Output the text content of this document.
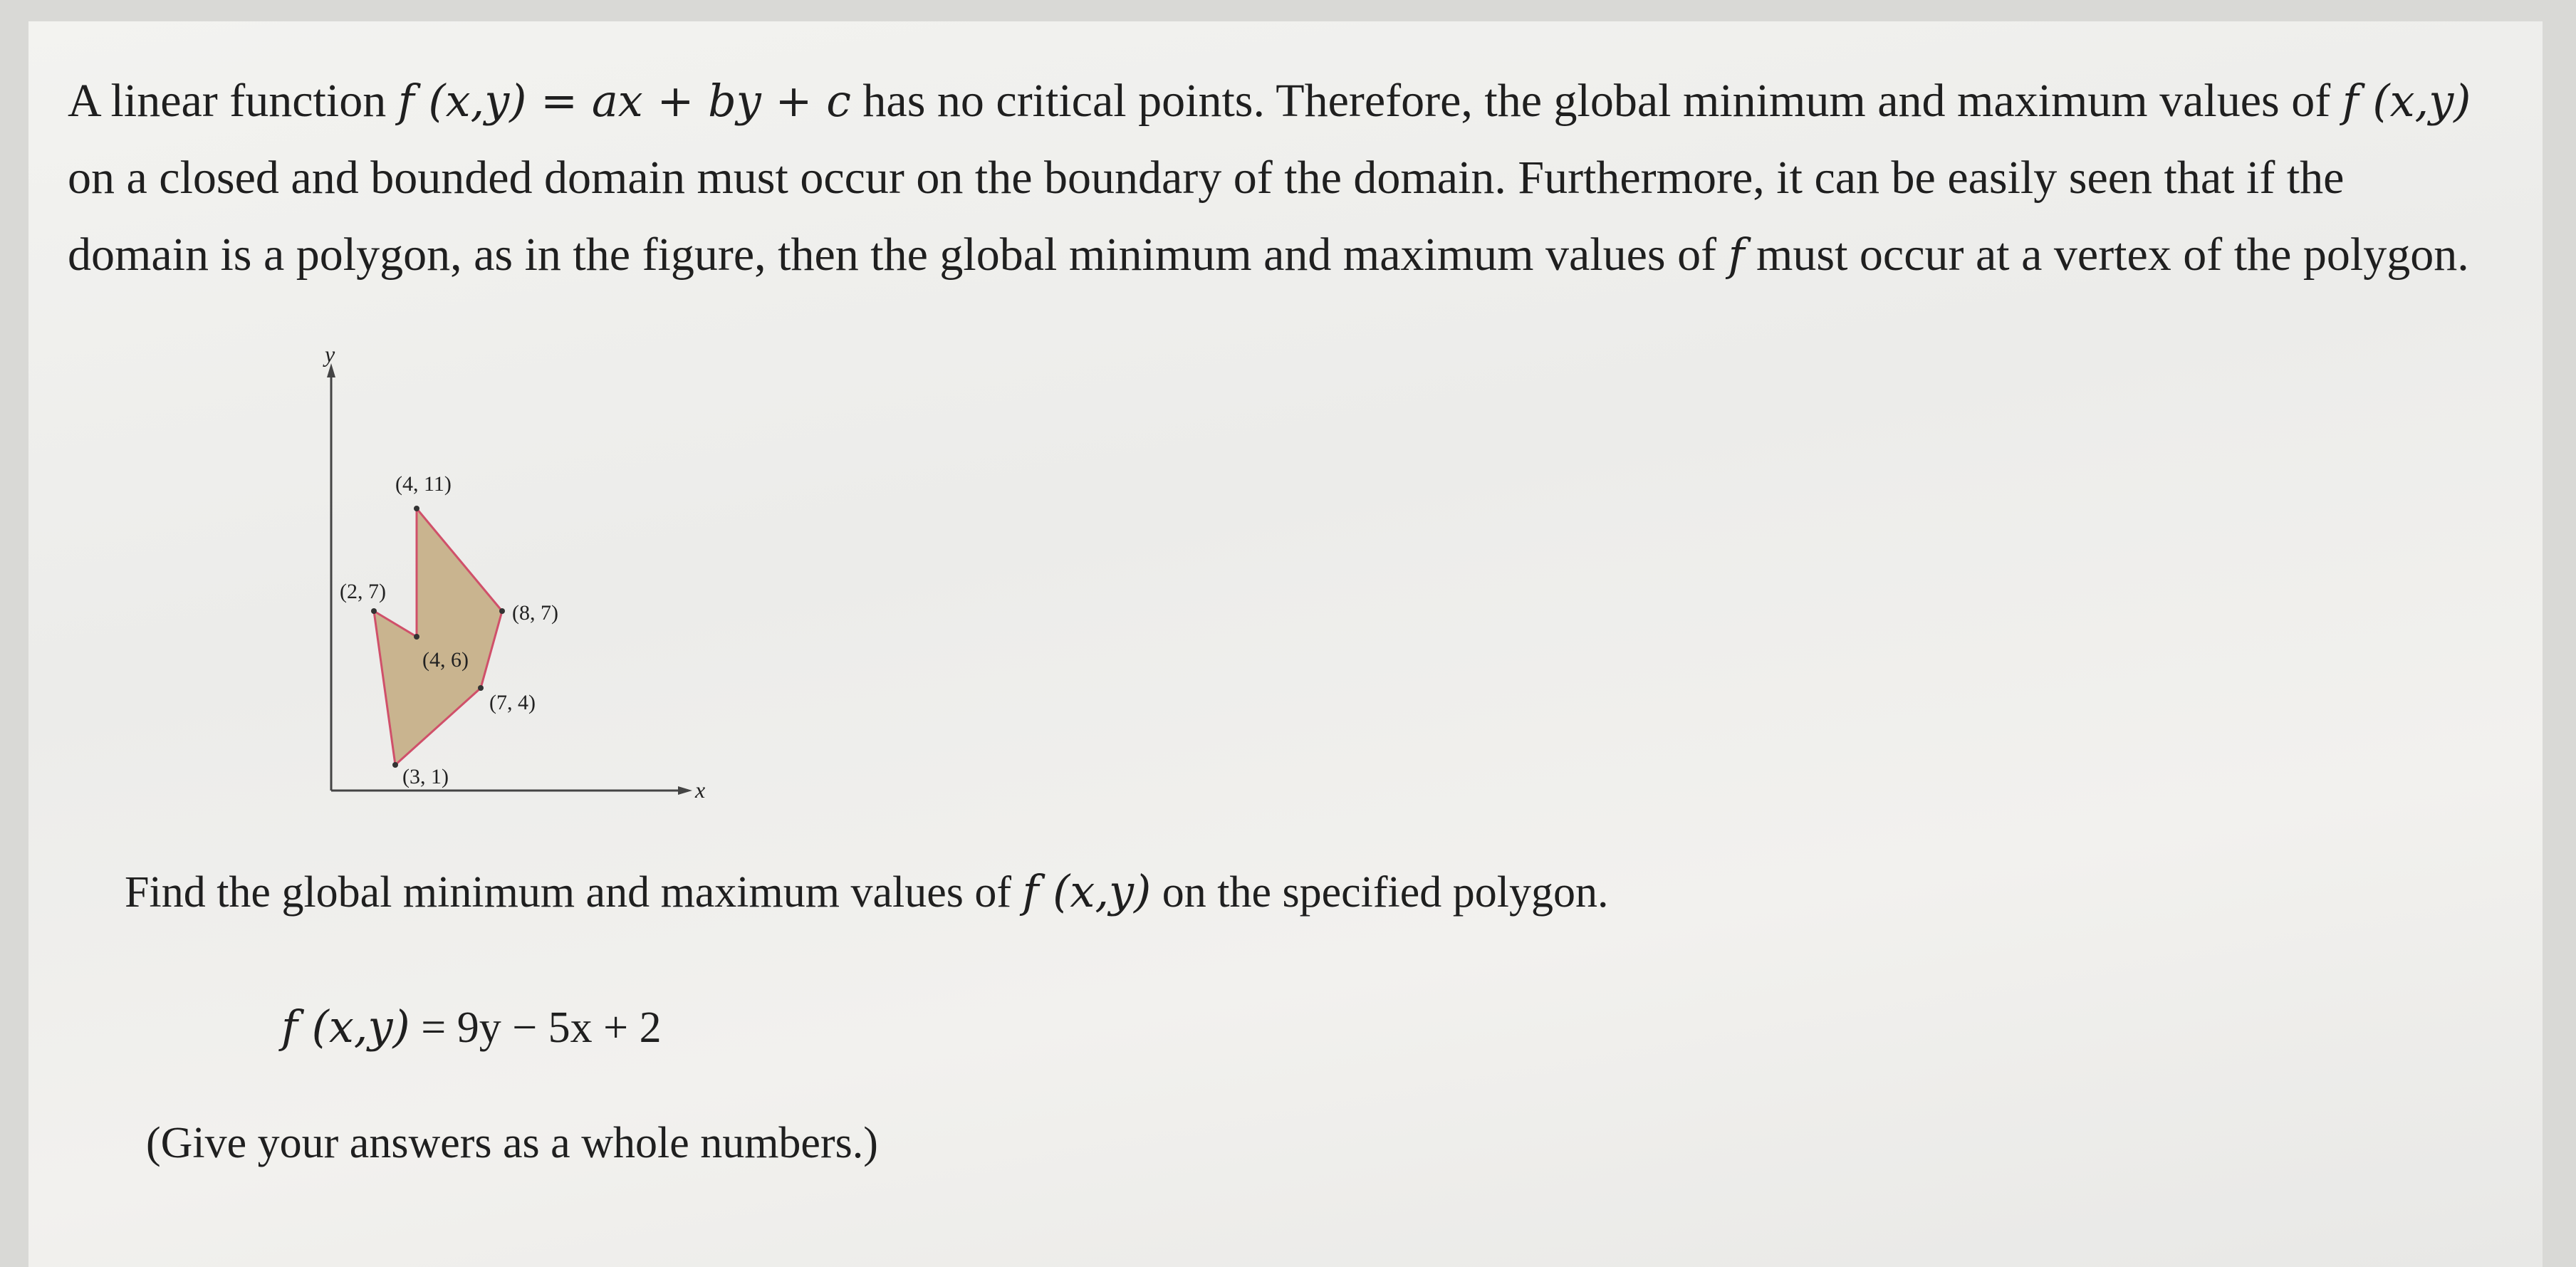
A linear function f (x,y) = ax + by + c has no critical points. Therefore, the global minimum and maximum values of f (x,y)
on a closed and bounded domain must occur on the boundary of the domain. Furthermore, it can be easily seen that if the
domain is a polygon, as in the figure, then the global minimum and maximum values of f must occur at a vertex of the polygon.

y
x
(4, 11)
(8, 7)
(7, 4)
(3, 1)
(2, 7)
(4, 6)

Find the global minimum and maximum values of f (x,y) on the specified polygon.

f (x,y) = 9y − 5x + 2

(Give your answers as a whole numbers.)
